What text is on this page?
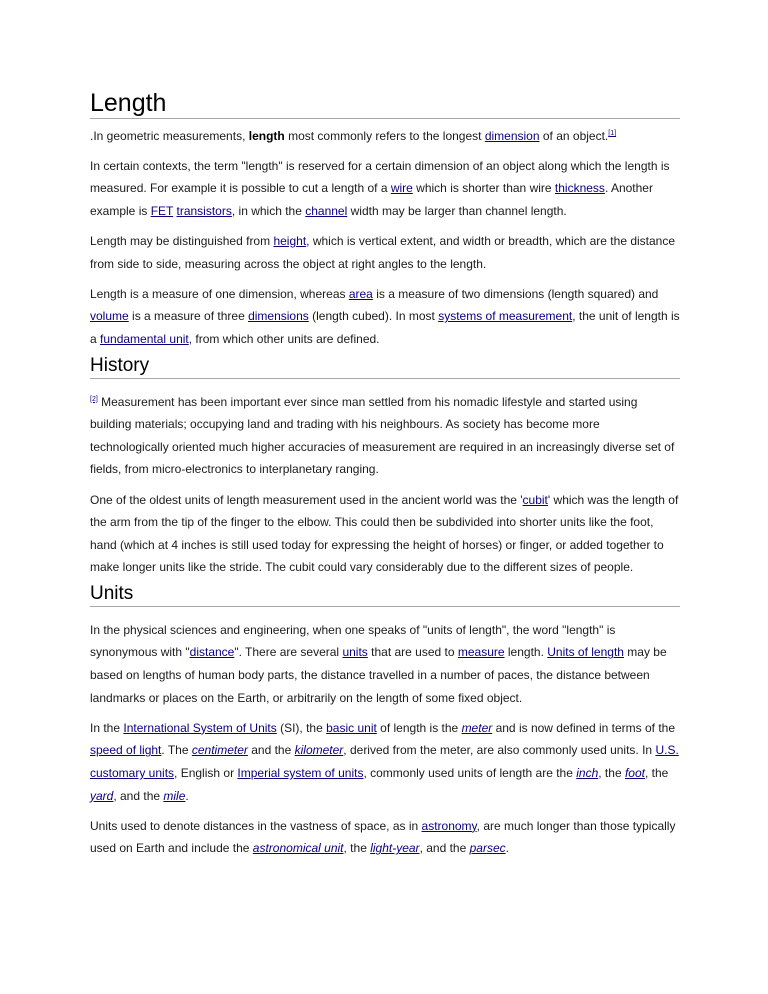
Length

.In geometric measurements, length most commonly refers to the longest dimension of an object.[1]

In certain contexts, the term "length" is reserved for a certain dimension of an object along which the length is measured. For example it is possible to cut a length of a wire which is shorter than wire thickness. Another example is FET transistors, in which the channel width may be larger than channel length.

Length may be distinguished from height, which is vertical extent, and width or breadth, which are the distance from side to side, measuring across the object at right angles to the length.

Length is a measure of one dimension, whereas area is a measure of two dimensions (length squared) and volume is a measure of three dimensions (length cubed). In most systems of measurement, the unit of length is a fundamental unit, from which other units are defined.

History

[2] Measurement has been important ever since man settled from his nomadic lifestyle and started using building materials; occupying land and trading with his neighbours. As society has become more technologically oriented much higher accuracies of measurement are required in an increasingly diverse set of fields, from micro-electronics to interplanetary ranging.

One of the oldest units of length measurement used in the ancient world was the 'cubit' which was the length of the arm from the tip of the finger to the elbow. This could then be subdivided into shorter units like the foot, hand (which at 4 inches is still used today for expressing the height of horses) or finger, or added together to make longer units like the stride. The cubit could vary considerably due to the different sizes of people.

Units

In the physical sciences and engineering, when one speaks of "units of length", the word "length" is synonymous with "distance". There are several units that are used to measure length. Units of length may be based on lengths of human body parts, the distance travelled in a number of paces, the distance between landmarks or places on the Earth, or arbitrarily on the length of some fixed object.

In the International System of Units (SI), the basic unit of length is the meter and is now defined in terms of the speed of light. The centimeter and the kilometer, derived from the meter, are also commonly used units. In U.S. customary units, English or Imperial system of units, commonly used units of length are the inch, the foot, the yard, and the mile.

Units used to denote distances in the vastness of space, as in astronomy, are much longer than those typically used on Earth and include the astronomical unit, the light-year, and the parsec.
